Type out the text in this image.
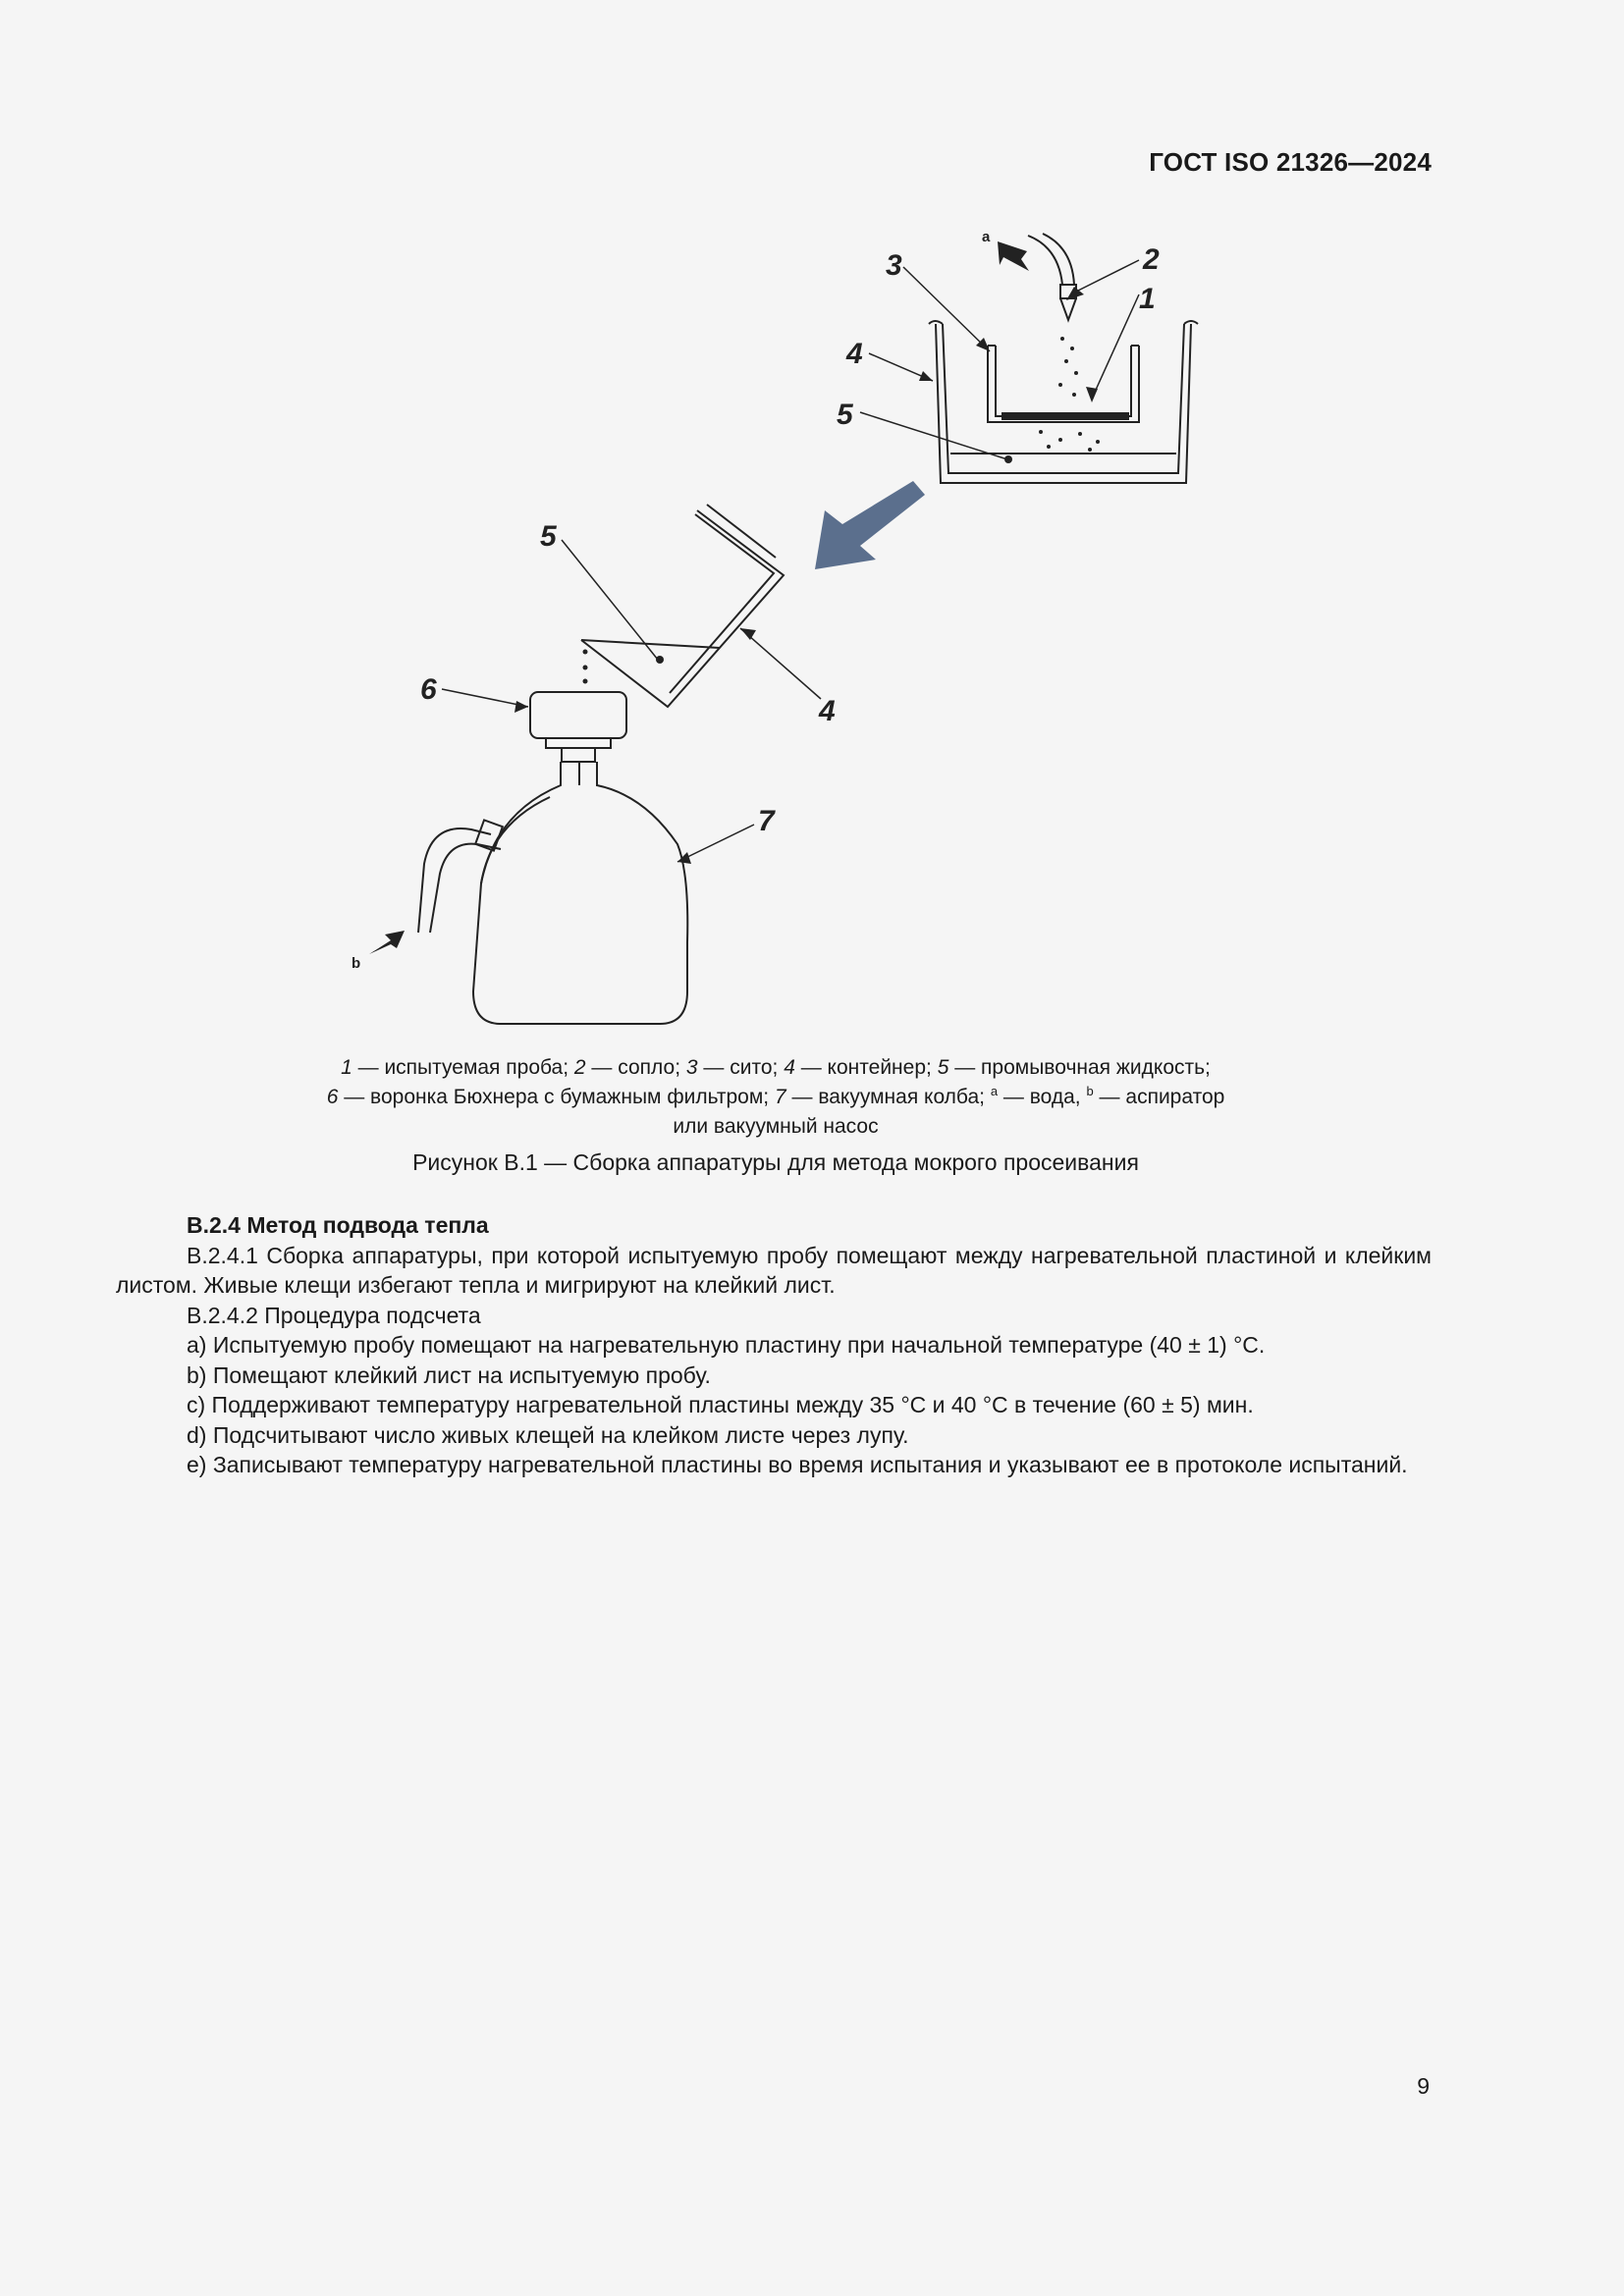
ГОСТ ISO 21326—2024
3	2
1
4
5
5
6
4
7
a
b
1 — испытуемая проба; 2 — сопло; 3 — сито; 4 — контейнер; 5 — промывочная жидкость;
6 — воронка Бюхнера с бумажным фильтром; 7 — вакуумная колба; $^a$ — вода, $^b$ — аспиратор
или вакуумный насос
Рисунок В.1 — Сборка аппаратуры для метода мокрого просеивания

В.2.4 Метод подвода тепла

В.2.4.1 Сборка аппаратуры, при которой испытуемую пробу помещают между нагревательной пластиной и клейким листом. Живые клещи избегают тепла и мигрируют на клейкий лист.

В.2.4.2 Процедура подсчета

a) Испытуемую пробу помещают на нагревательную пластину при начальной температуре (40 ± 1) °C.

b) Помещают клейкий лист на испытуемую пробу.

c) Поддерживают температуру нагревательной пластины между 35 °C и 40 °C в течение (60 ± 5) мин.

d) Подсчитывают число живых клещей на клейком листе через лупу.

e) Записывают температуру нагревательной пластины во время испытания и указывают ее в протоколе испытаний.

9
